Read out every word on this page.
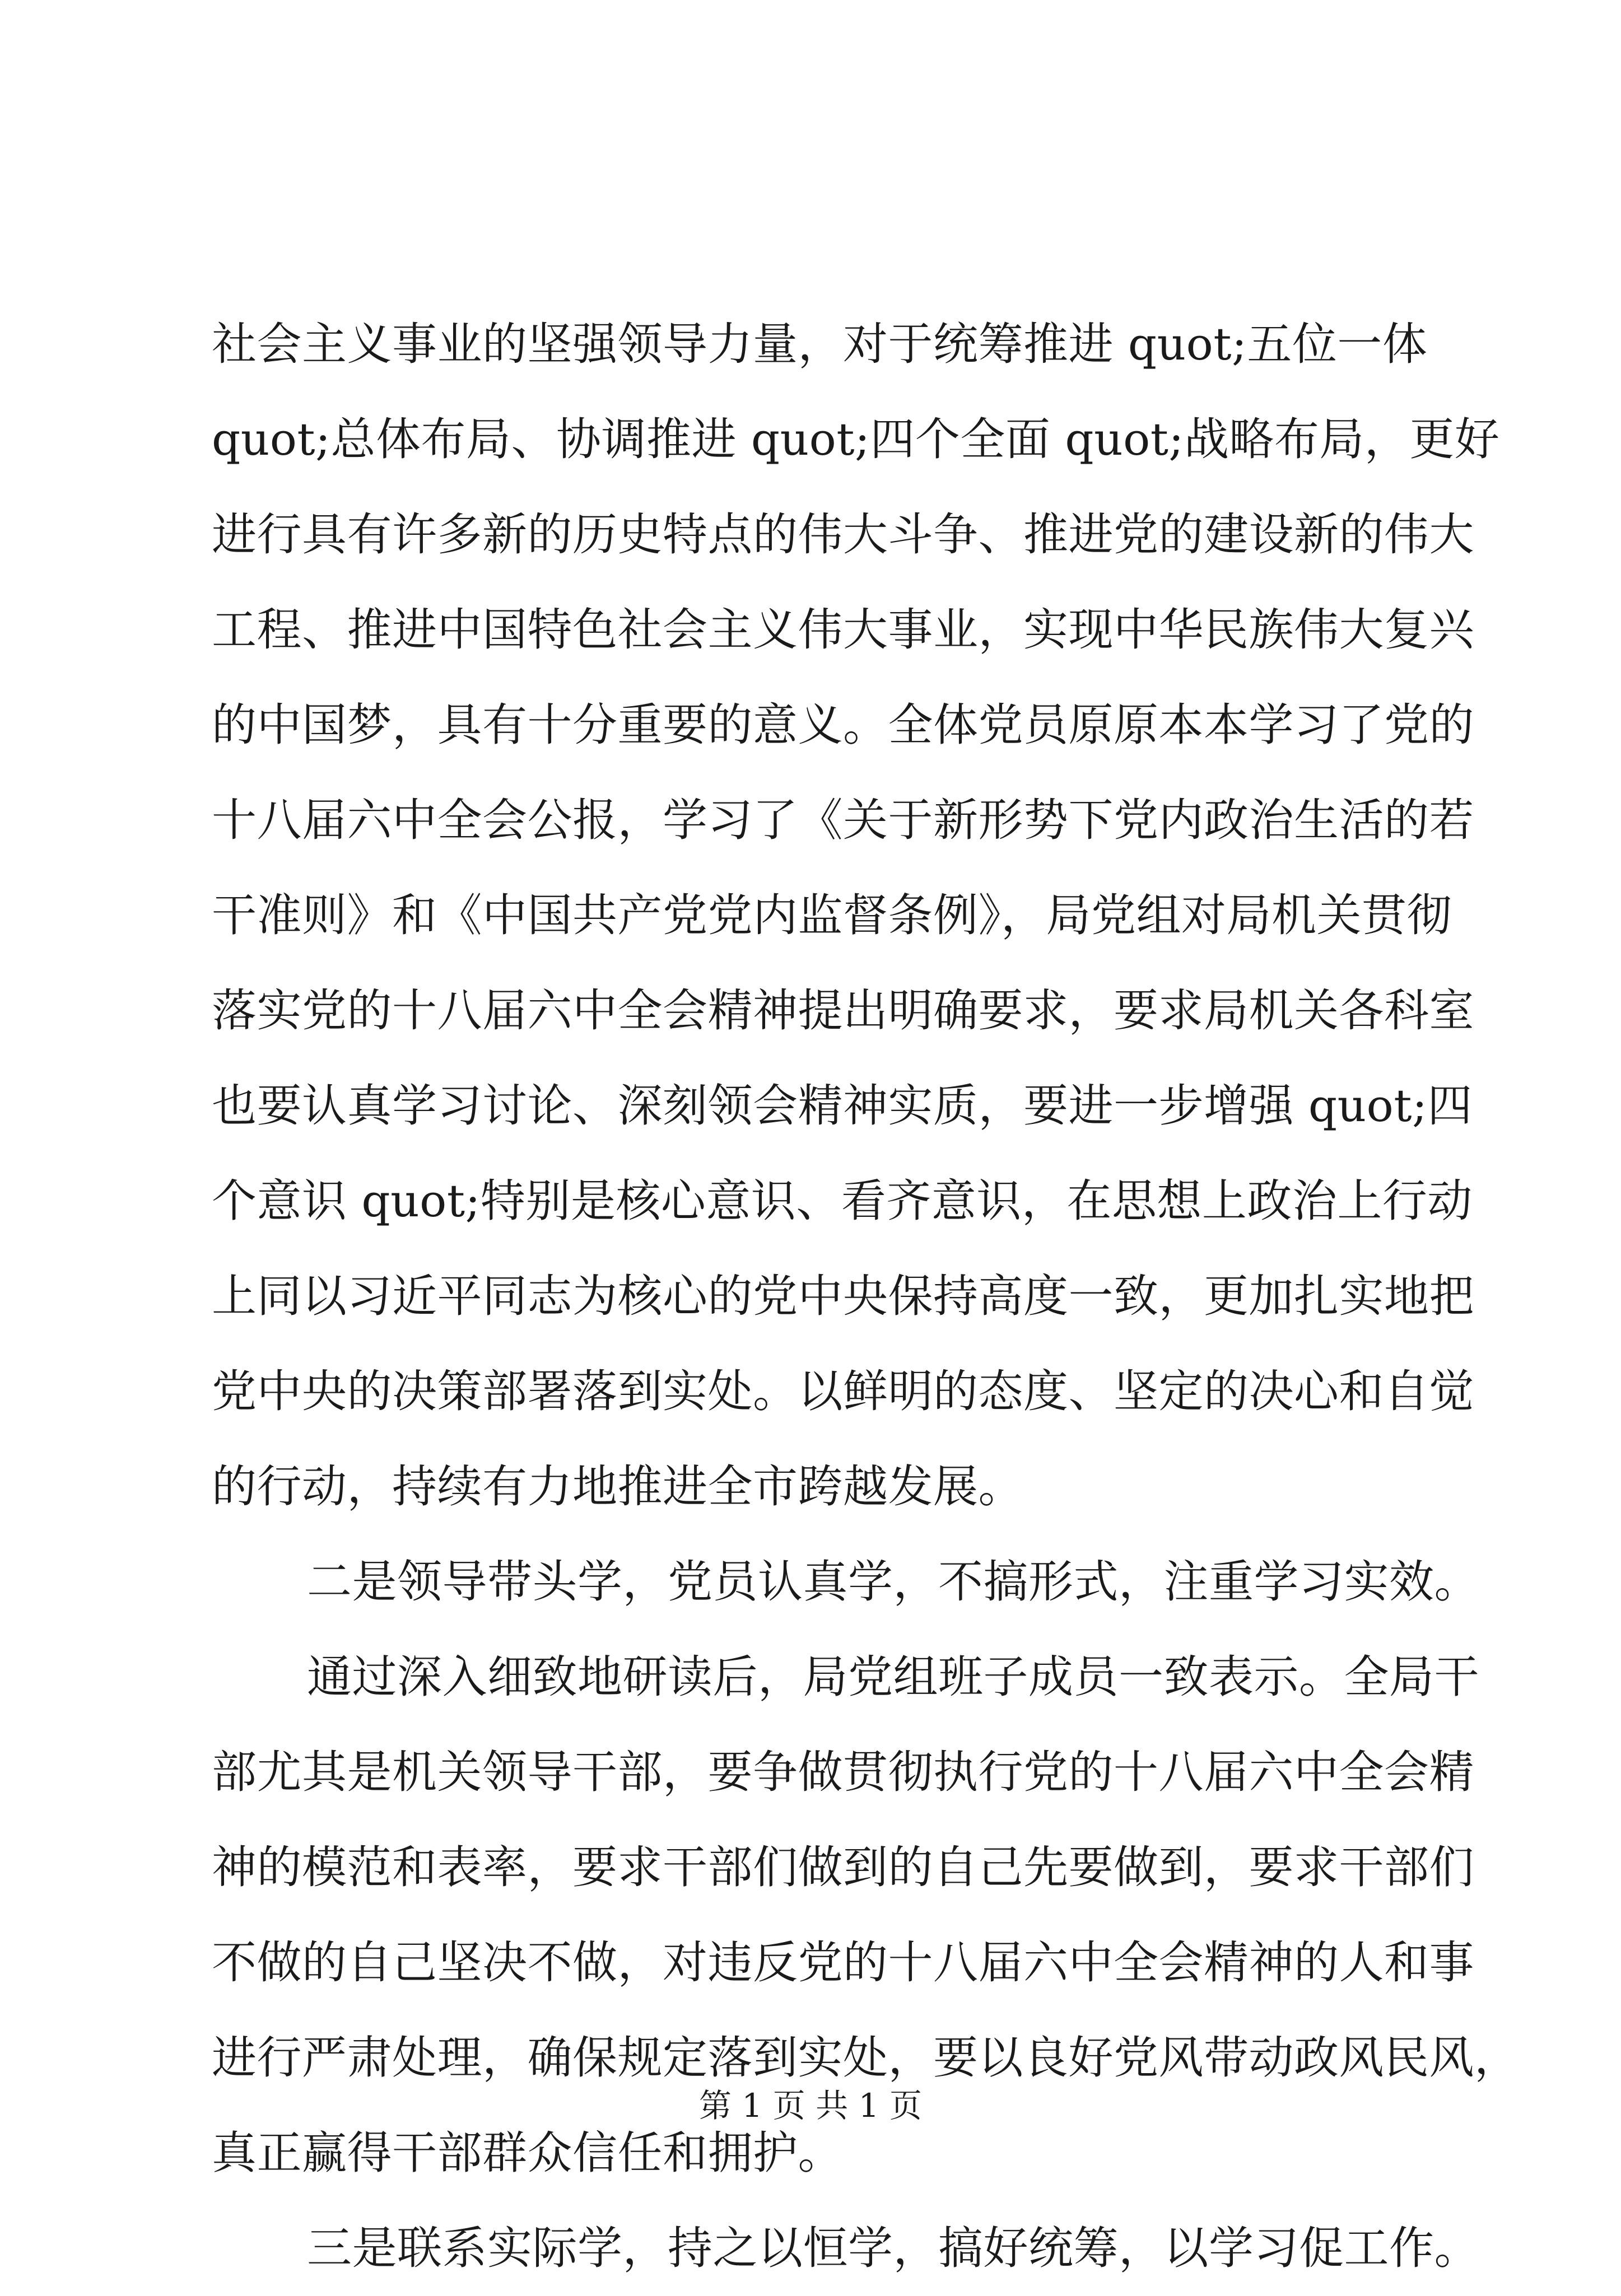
社会主义事业的坚强领导力量，对于统筹推进 quot;五位一体
quot;总体布局、协调推进 quot;四个全面 quot;战略布局，更好
进行具有许多新的历史特点的伟大斗争、推进党的建设新的伟大
工程、推进中国特色社会主义伟大事业，实现中华民族伟大复兴
的中国梦，具有十分重要的意义。全体党员原原本本学习了党的
十八届六中全会公报，学习了《关于新形势下党内政治生活的若
干准则》和《中国共产党党内监督条例》，局党组对局机关贯彻
落实党的十八届六中全会精神提出明确要求，要求局机关各科室
也要认真学习讨论、深刻领会精神实质，要进一步增强 quot;四
个意识 quot;特别是核心意识、看齐意识，在思想上政治上行动
上同以习近平同志为核心的党中央保持高度一致，更加扎实地把
党中央的决策部署落到实处。以鲜明的态度、坚定的决心和自觉
的行动，持续有力地推进全市跨越发展。
二是领导带头学，党员认真学，不搞形式，注重学习实效。
通过深入细致地研读后，局党组班子成员一致表示。全局干
部尤其是机关领导干部，要争做贯彻执行党的十八届六中全会精
神的模范和表率，要求干部们做到的自己先要做到，要求干部们
不做的自己坚决不做，对违反党的十八届六中全会精神的人和事
进行严肃处理，确保规定落到实处，要以良好党风带动政风民风，
真正赢得干部群众信任和拥护。
三是联系实际学，持之以恒学，搞好统筹，以学习促工作。
第 1 页 共 1 页
